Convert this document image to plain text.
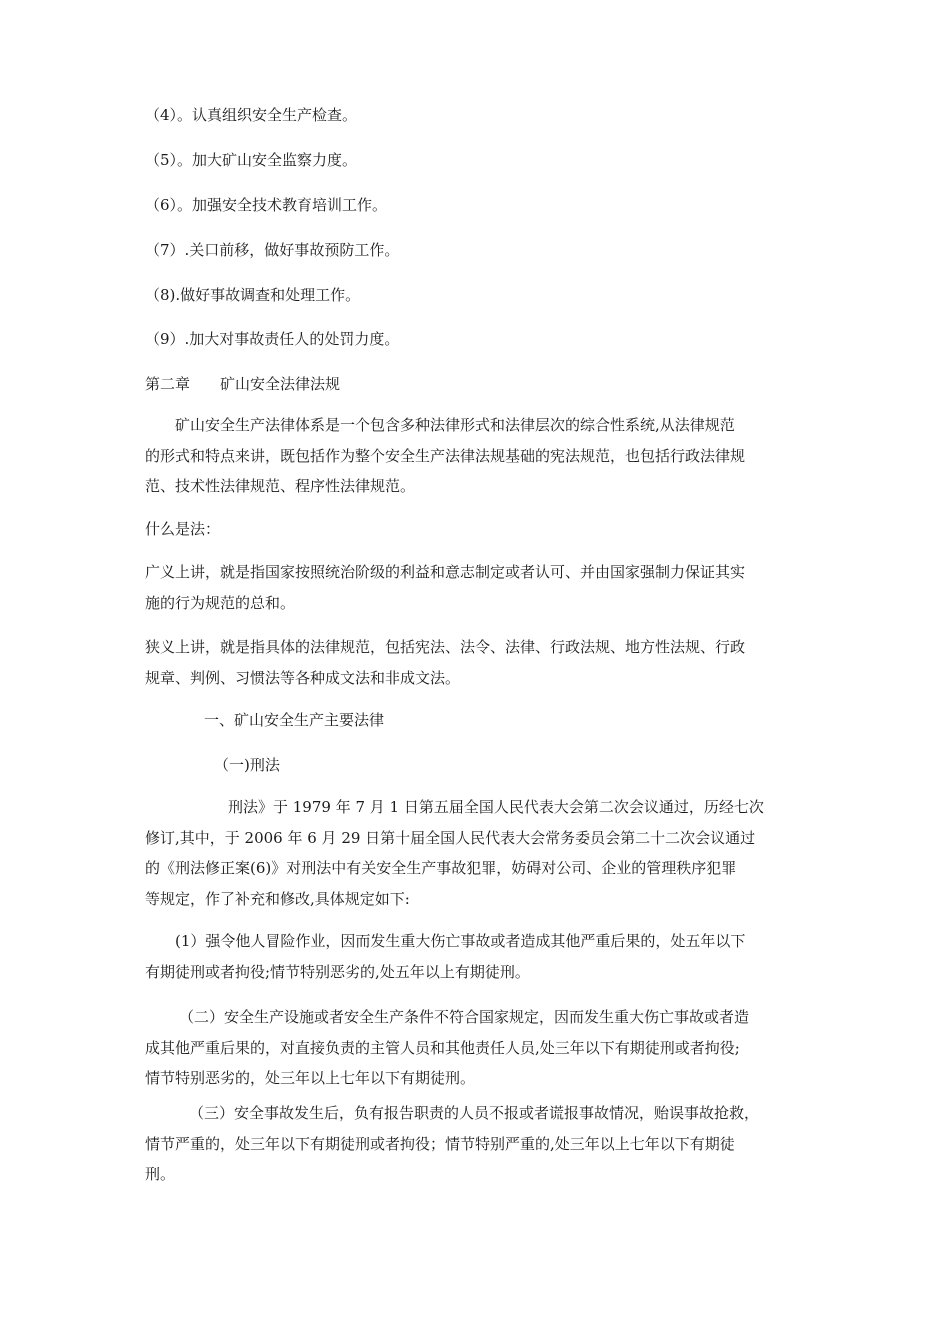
（4）。认真组织安全生产检查。
（5）。加大矿山安全监察力度。
（6）。加强安全技术教育培训工作。
（7）.关口前移，做好事故预防工作。
（8).做好事故调查和处理工作。
（9）.加大对事故责任人的处罚力度。
第二章　　矿山安全法律法规
　　矿山安全生产法律体系是一个包含多种法律形式和法律层次的综合性系统,从法律规范
的形式和特点来讲，既包括作为整个安全生产法律法规基础的宪法规范，也包括行政法律规
范、技术性法律规范、程序性法律规范。
什么是法：
广义上讲，就是指国家按照统治阶级的利益和意志制定或者认可、并由国家强制力保证其实
施的行为规范的总和。
狭义上讲，就是指具体的法律规范，包括宪法、法令、法律、行政法规、地方性法规、行政
规章、判例、习惯法等各种成文法和非成文法。
一、矿山安全生产主要法律
（一)刑法
刑法》于 1979 年 7 月 1 日第五届全国人民代表大会第二次会议通过，历经七次
修订,其中，于 2006 年 6 月 29 日第十届全国人民代表大会常务委员会第二十二次会议通过
的《刑法修正案(6)》对刑法中有关安全生产事故犯罪，妨碍对公司、企业的管理秩序犯罪
等规定，作了补充和修改,具体规定如下:
(1）强令他人冒险作业，因而发生重大伤亡事故或者造成其他严重后果的，处五年以下
有期徒刑或者拘役;情节特别恶劣的,处五年以上有期徒刑。
（二）安全生产设施或者安全生产条件不符合国家规定，因而发生重大伤亡事故或者造
成其他严重后果的，对直接负责的主管人员和其他责任人员,处三年以下有期徒刑或者拘役;
情节特别恶劣的，处三年以上七年以下有期徒刑。
（三）安全事故发生后，负有报告职责的人员不报或者谎报事故情况，贻误事故抢救，
情节严重的，处三年以下有期徒刑或者拘役；情节特别严重的,处三年以上七年以下有期徒
刑。
